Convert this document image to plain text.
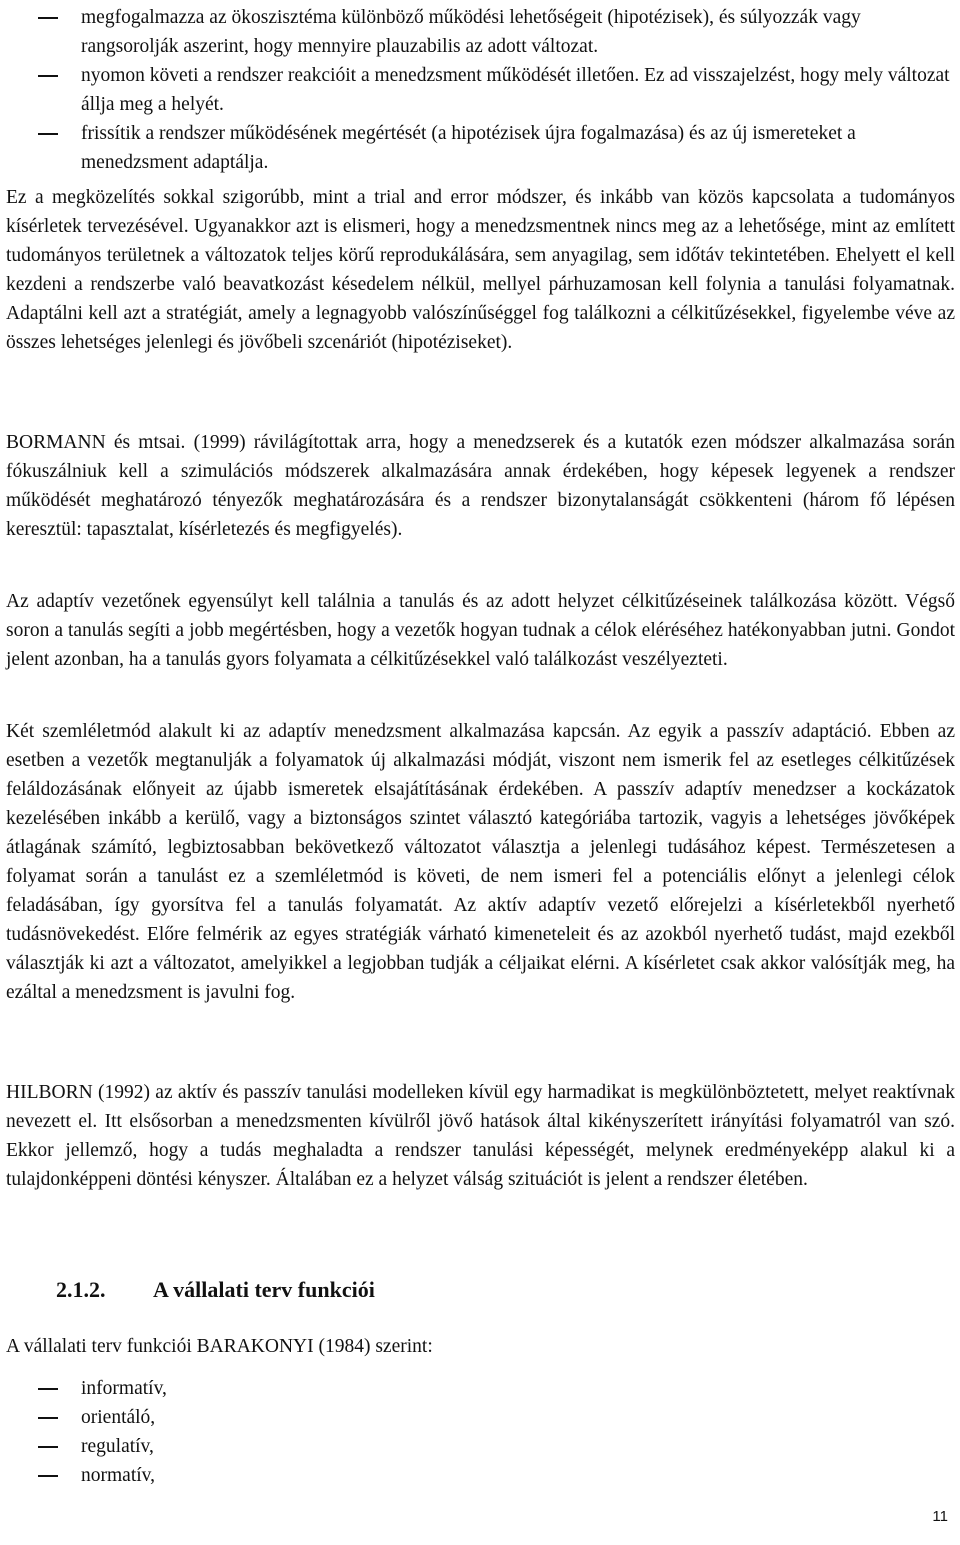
megfogalmazza az ökoszisztéma különböző működési lehetőségeit (hipotézisek), és súlyozzák vagy rangsorolják aszerint, hogy mennyire plauzabilis az adott változat.
nyomon követi a rendszer reakcióit a menedzsment működését illetően. Ez ad visszajelzést, hogy mely változat állja meg a helyét.
frissítik a rendszer működésének megértését (a hipotézisek újra fogalmazása) és az új ismereteket a menedzsment adaptálja.

Ez a megközelítés sokkal szigorúbb, mint a trial and error módszer, és inkább van közös kapcsolata a tudományos kísérletek tervezésével. Ugyanakkor azt is elismeri, hogy a menedzsmentnek nincs meg az a lehetősége, mint az említett tudományos területnek a változatok teljes körű reprodukálására, sem anyagilag, sem időtáv tekintetében. Ehelyett el kell kezdeni a rendszerbe való beavatkozást késedelem nélkül, mellyel párhuzamosan kell folynia a tanulási folyamatnak. Adaptálni kell azt a stratégiát, amely a legnagyobb valószínűséggel fog találkozni a célkitűzésekkel, figyelembe véve az összes lehetséges jelenlegi és jövőbeli szcenáriót (hipotéziseket).

BORMANN és mtsai. (1999) rávilágítottak arra, hogy a menedzserek és a kutatók ezen módszer alkalmazása során fókuszálniuk kell a szimulációs módszerek alkalmazására annak érdekében, hogy képesek legyenek a rendszer működését meghatározó tényezők meghatározására és a rendszer bizonytalanságát csökkenteni (három fő lépésen keresztül: tapasztalat, kísérletezés és megfigyelés).

Az adaptív vezetőnek egyensúlyt kell találnia a tanulás és az adott helyzet célkitűzéseinek találkozása között. Végső soron a tanulás segíti a jobb megértésben, hogy a vezetők hogyan tudnak a célok eléréséhez hatékonyabban jutni. Gondot jelent azonban, ha a tanulás gyors folyamata a célkitűzésekkel való találkozást veszélyezteti.

Két szemléletmód alakult ki az adaptív menedzsment alkalmazása kapcsán. Az egyik a passzív adaptáció. Ebben az esetben a vezetők megtanulják a folyamatok új alkalmazási módját, viszont nem ismerik fel az esetleges célkitűzések feláldozásának előnyeit az újabb ismeretek elsajátításának érdekében. A passzív adaptív menedzser a kockázatok kezelésében inkább a kerülő, vagy a biztonságos szintet választó kategóriába tartozik, vagyis a lehetséges jövőképek átlagának számító, legbiztosabban bekövetkező változatot választja a jelenlegi tudásához képest. Természetesen a folyamat során a tanulást ez a szemléletmód is követi, de nem ismeri fel a potenciális előnyt a jelenlegi célok feladásában, így gyorsítva fel a tanulás folyamatát. Az aktív adaptív vezető előrejelzi a kísérletekből nyerhető tudásnövekedést. Előre felmérik az egyes stratégiák várható kimeneteleit és az azokból nyerhető tudást, majd ezekből választják ki azt a változatot, amelyikkel a legjobban tudják a céljaikat elérni. A kísérletet csak akkor valósítják meg, ha ezáltal a menedzsment is javulni fog.

HILBORN (1992) az aktív és passzív tanulási modelleken kívül egy harmadikat is megkülönböztetett, melyet reaktívnak nevezett el. Itt elsősorban a menedzsmenten kívülről jövő hatások által kikényszerített irányítási folyamatról van szó. Ekkor jellemző, hogy a tudás meghaladta a rendszer tanulási képességét, melynek eredményeképp alakul ki a tulajdonképpeni döntési kényszer. Általában ez a helyzet válság szituációt is jelent a rendszer életében.

2.1.2. A vállalati terv funkciói
A vállalati terv funkciói BARAKONYI (1984) szerint:
informatív,
orientáló,
regulatív,
normatív,
11
